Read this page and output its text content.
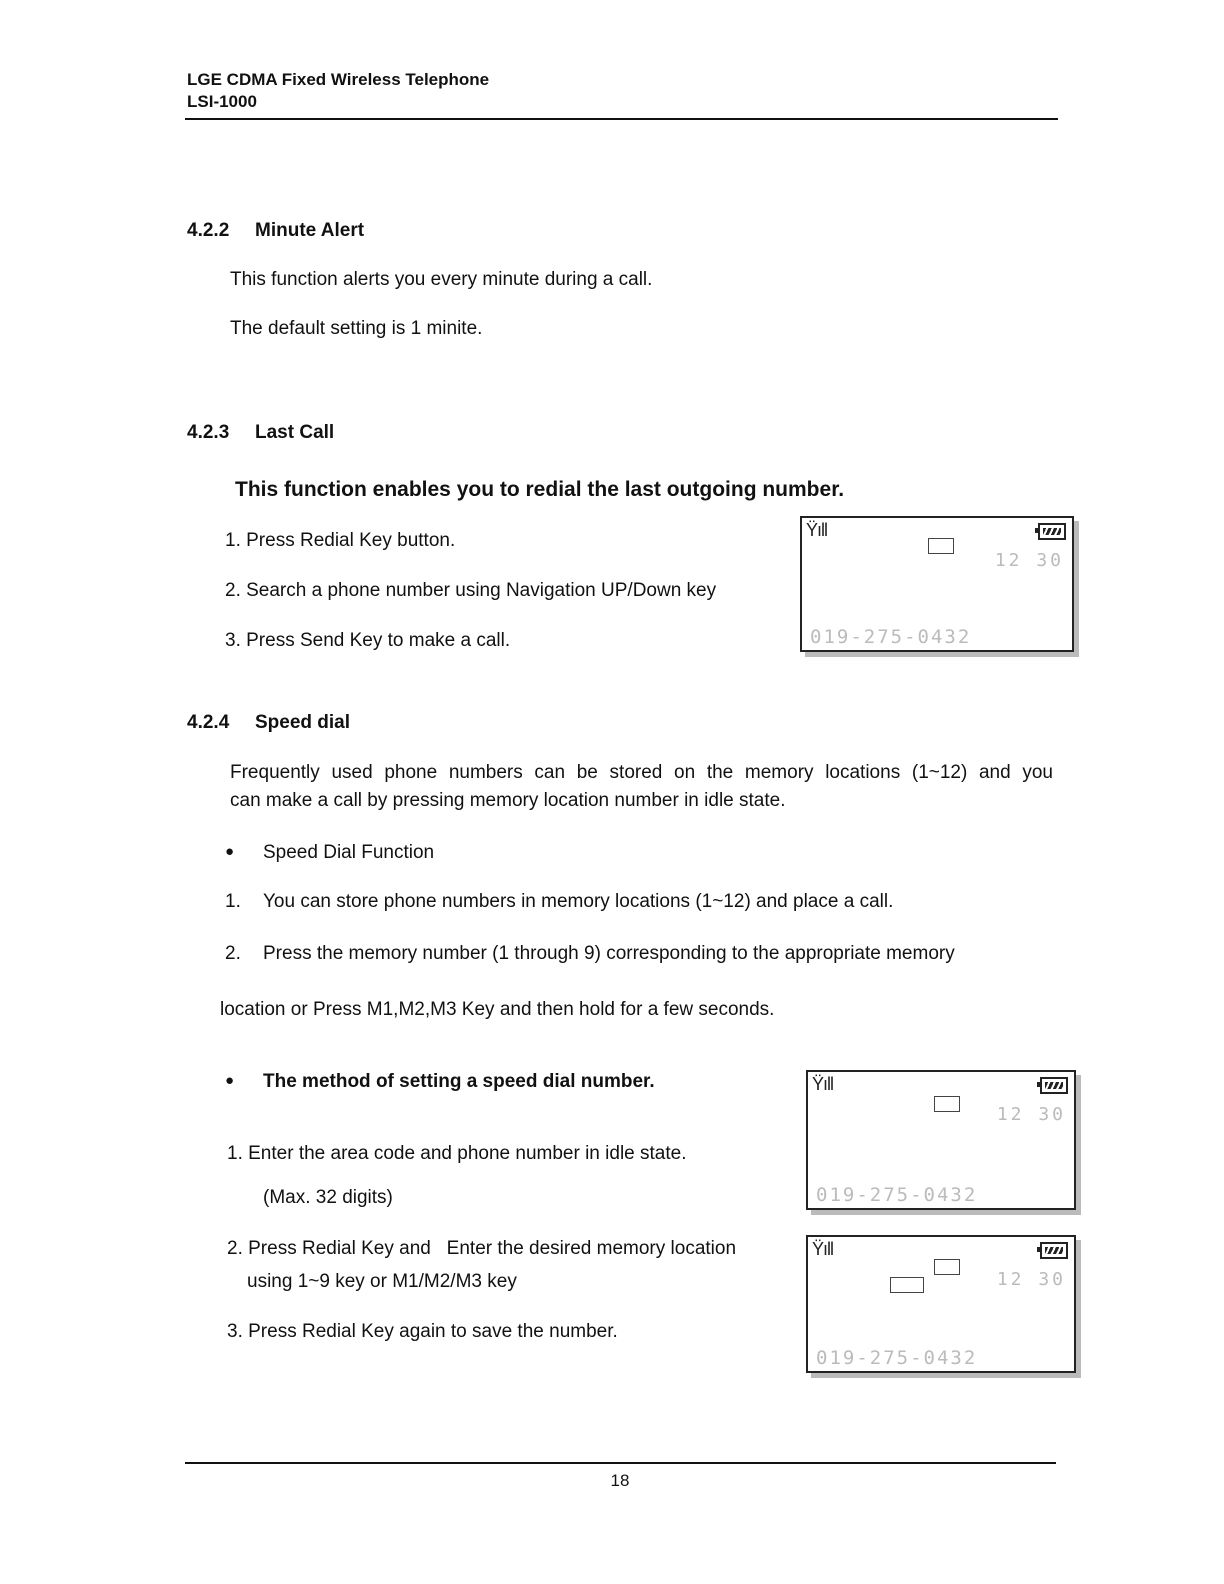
LGE CDMA Fixed Wireless Telephone
LSI-1000
4.2.2 Minute Alert
This function alerts you every minute during a call.
The default setting is 1 minite.
4.2.3 Last Call
This function enables you to redial the last outgoing number.
1. Press Redial Key button.
2. Search a phone number using Navigation UP/Down key
3. Press Send Key to make a call.
Ÿıll
12 30
019-275-0432
4.2.4 Speed dial
Frequently used phone numbers can be stored on the memory locations (1~12) and you
can make a call by pressing memory location number in idle state.
● Speed Dial Function
1. You can store phone numbers in memory locations (1~12) and place a call.
2. Press the memory number (1 through 9) corresponding to the appropriate memory
location or Press M1,M2,M3 Key and then hold for a few seconds.
● The method of setting a speed dial number.
1. Enter the area code and phone number in idle state.
(Max. 32 digits)
2. Press Redial Key and   Enter the desired memory location
using 1~9 key or M1/M2/M3 key
3. Press Redial Key again to save the number.
Ÿıll
12 30
019-275-0432
Ÿıll
12 30
019-275-0432
18
